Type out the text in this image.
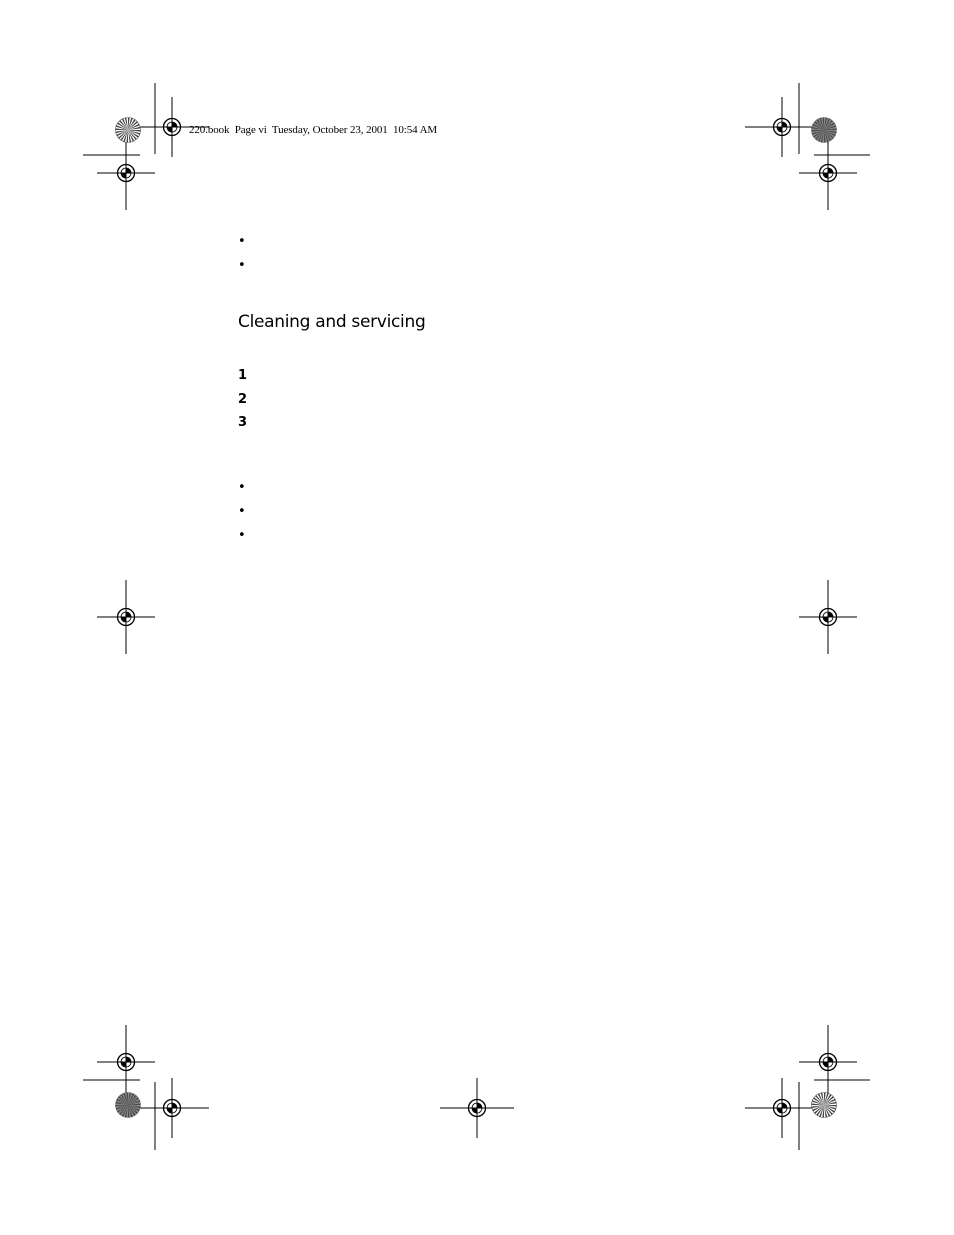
220.book  Page vi  Tuesday, October 23, 2001  10:54 AM
•
•
Cleaning and servicing
1
2
3
•
•
•
